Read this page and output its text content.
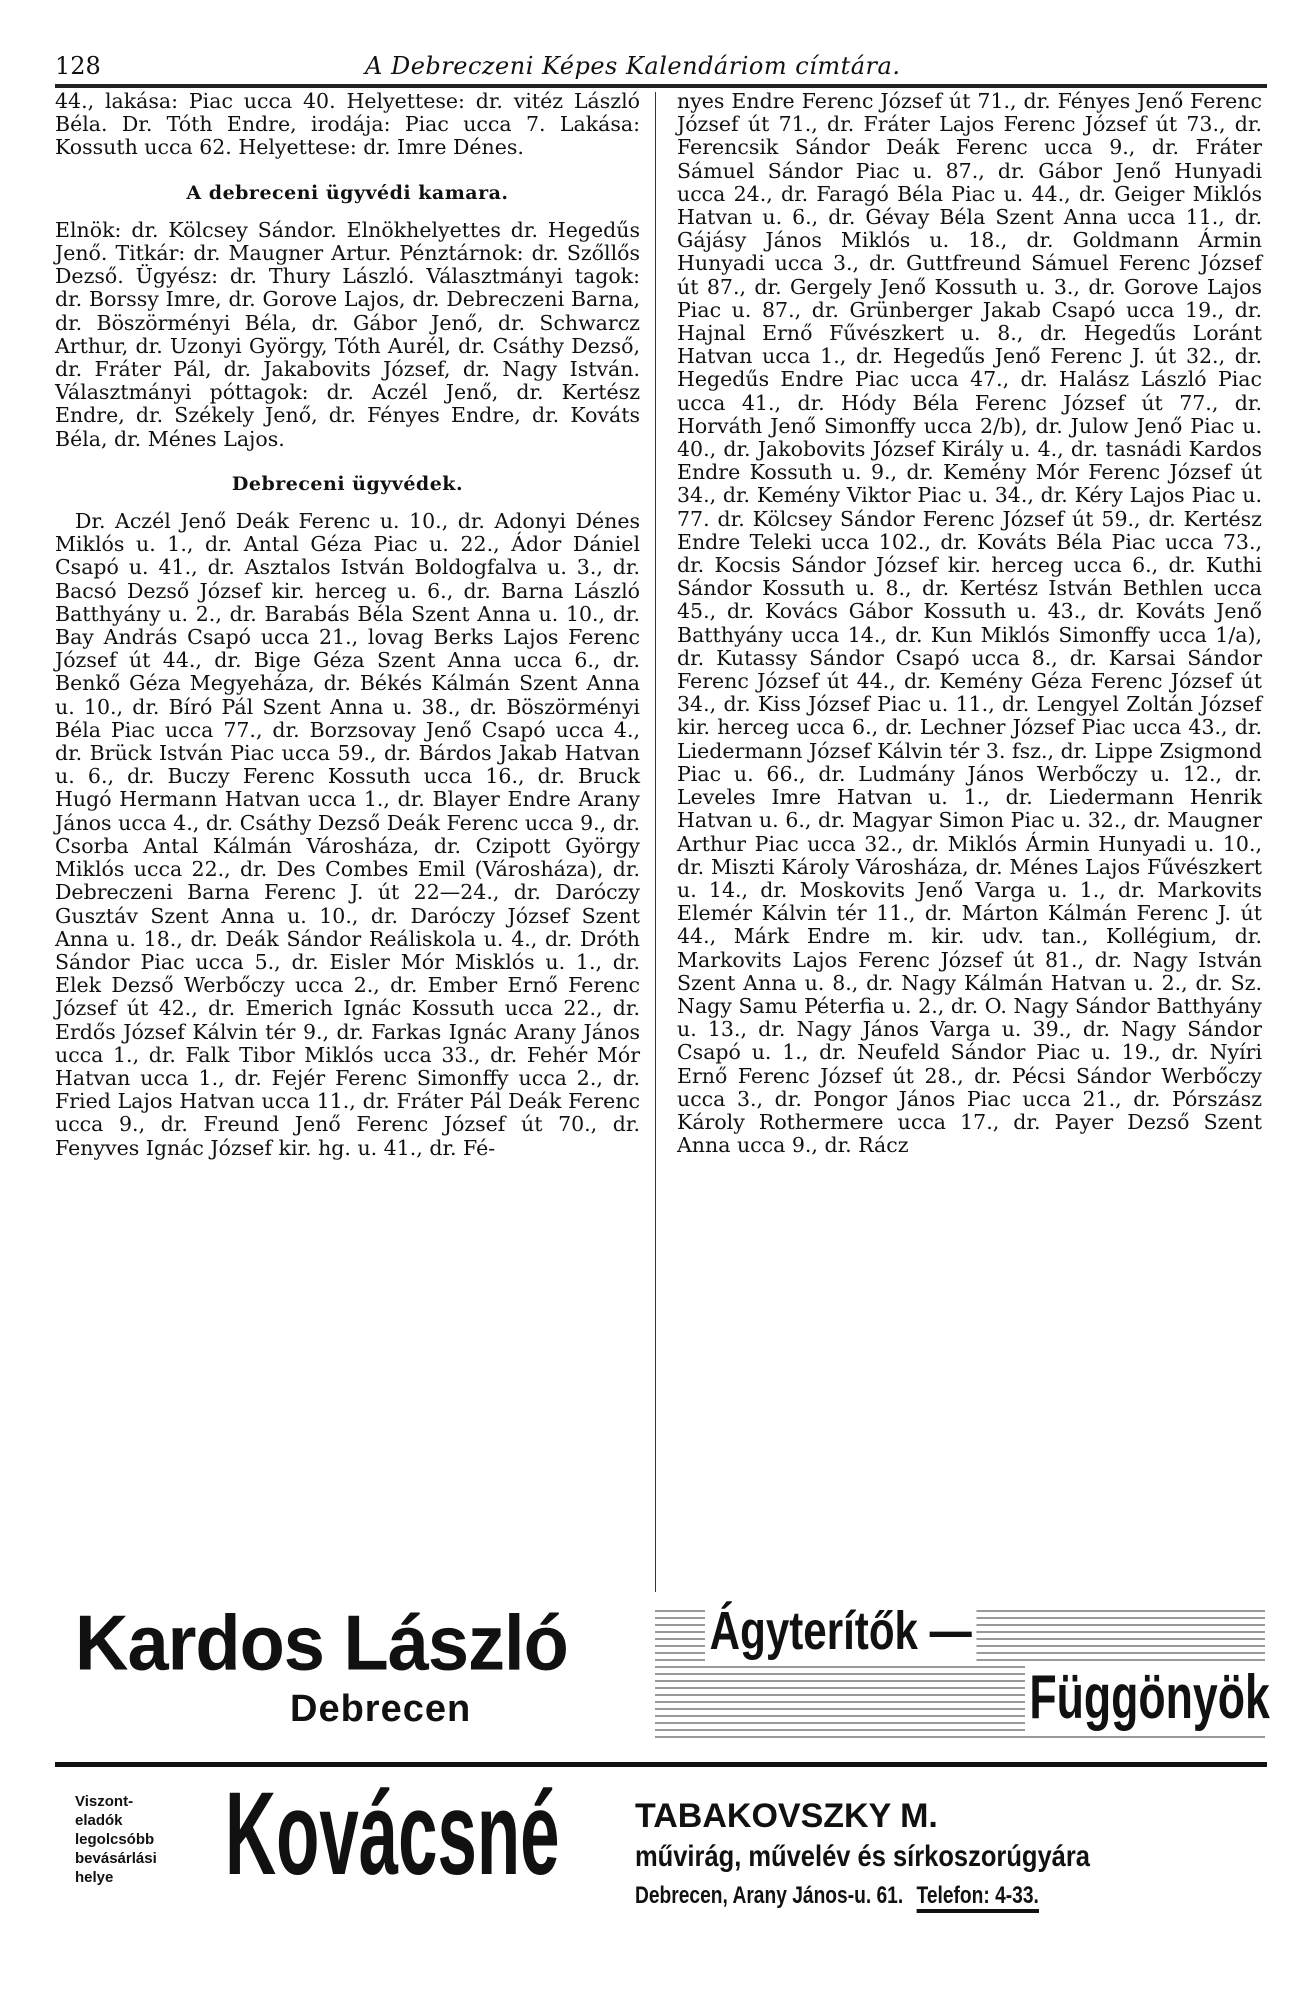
128	A Debreczeni Képes Kalendáriom címtára.

44., lakása: Piac ucca 40. Helyettese: dr. vitéz László Béla. Dr. Tóth Endre, irodája: Piac ucca 7. Lakása: Kossuth ucca 62. Helyettese: dr. Imre Dénes.

A debreceni ügyvédi kamara.

Elnök: dr. Kölcsey Sándor. Elnökhelyettes dr. Hegedűs Jenő. Titkár: dr. Maugner Artur. Pénztárnok: dr. Szőllős Dezső. Ügyész: dr. Thury László. Választmányi tagok: dr. Borssy Imre, dr. Gorove Lajos, dr. Debreczeni Barna, dr. Böszörményi Béla, dr. Gábor Jenő, dr. Schwarcz Arthur, dr. Uzonyi György, Tóth Aurél, dr. Csáthy Dezső, dr. Fráter Pál, dr. Jakabovits József, dr. Nagy István. Választmányi póttagok: dr. Aczél Jenő, dr. Kertész Endre, dr. Székely Jenő, dr. Fényes Endre, dr. Kováts Béla, dr. Ménes Lajos.

Debreceni ügyvédek.

Dr. Aczél Jenő Deák Ferenc u. 10., dr. Adonyi Dénes Miklós u. 1., dr. Antal Géza Piac u. 22., Ádor Dániel Csapó u. 41., dr. Asztalos István Boldogfalva u. 3., dr. Bacsó Dezső József kir. herceg u. 6., dr. Barna László Batthyány u. 2., dr. Barabás Béla Szent Anna u. 10., dr. Bay András Csapó ucca 21., lovag Berks Lajos Ferenc József út 44., dr. Bige Géza Szent Anna ucca 6., dr. Benkő Géza Megyeháza, dr. Békés Kálmán Szent Anna u. 10., dr. Bíró Pál Szent Anna u. 38., dr. Böszörményi Béla Piac ucca 77., dr. Borzsovay Jenő Csapó ucca 4., dr. Brück István Piac ucca 59., dr. Bárdos Jakab Hatvan u. 6., dr. Buczy Ferenc Kossuth ucca 16., dr. Bruck Hugó Hermann Hatvan ucca 1., dr. Blayer Endre Arany János ucca 4., dr. Csáthy Dezső Deák Ferenc ucca 9., dr. Csorba Antal Kálmán Városháza, dr. Czipott György Miklós ucca 22., dr. Des Combes Emil (Városháza), dr. Debreczeni Barna Ferenc J. út 22—24., dr. Daróczy Gusztáv Szent Anna u. 10., dr. Daróczy József Szent Anna u. 18., dr. Deák Sándor Reáliskola u. 4., dr. Dróth Sándor Piac ucca 5., dr. Eisler Mór Misklós u. 1., dr. Elek Dezső Werbőczy ucca 2., dr. Ember Ernő Ferenc József út 42., dr. Emerich Ignác Kossuth ucca 22., dr. Erdős József Kálvin tér 9., dr. Farkas Ignác Arany János ucca 1., dr. Falk Tibor Miklós ucca 33., dr. Fehér Mór Hatvan ucca 1., dr. Fejér Ferenc Simonffy ucca 2., dr. Fried Lajos Hatvan ucca 11., dr. Fráter Pál Deák Ferenc ucca 9., dr. Freund Jenő Ferenc József út 70., dr. Fenyves Ignác József kir. hg. u. 41., dr. Fé-

nyes Endre Ferenc József út 71., dr. Fényes Jenő Ferenc József út 71., dr. Fráter Lajos Ferenc József út 73., dr. Ferencsik Sándor Deák Ferenc ucca 9., dr. Fráter Sámuel Sándor Piac u. 87., dr. Gábor Jenő Hunyadi ucca 24., dr. Faragó Béla Piac u. 44., dr. Geiger Miklós Hatvan u. 6., dr. Gévay Béla Szent Anna ucca 11., dr. Gájásy János Miklós u. 18., dr. Goldmann Ármin Hunyadi ucca 3., dr. Guttfreund Sámuel Ferenc József út 87., dr. Gergely Jenő Kossuth u. 3., dr. Gorove Lajos Piac u. 87., dr. Grünberger Jakab Csapó ucca 19., dr. Hajnal Ernő Fűvészkert u. 8., dr. Hegedűs Loránt Hatvan ucca 1., dr. Hegedűs Jenő Ferenc J. út 32., dr. Hegedűs Endre Piac ucca 47., dr. Halász László Piac ucca 41., dr. Hódy Béla Ferenc József út 77., dr. Horváth Jenő Simonffy ucca 2/b), dr. Julow Jenő Piac u. 40., dr. Jakobovits József Király u. 4., dr. tasnádi Kardos Endre Kossuth u. 9., dr. Kemény Mór Ferenc József út 34., dr. Kemény Viktor Piac u. 34., dr. Kéry Lajos Piac u. 77. dr. Kölcsey Sándor Ferenc József út 59., dr. Kertész Endre Teleki ucca 102., dr. Kováts Béla Piac ucca 73., dr. Kocsis Sándor József kir. herceg ucca 6., dr. Kuthi Sándor Kossuth u. 8., dr. Kertész István Bethlen ucca 45., dr. Kovács Gábor Kossuth u. 43., dr. Kováts Jenő Batthyány ucca 14., dr. Kun Miklós Simonffy ucca 1/a), dr. Kutassy Sándor Csapó ucca 8., dr. Karsai Sándor Ferenc József út 44., dr. Kemény Géza Ferenc József út 34., dr. Kiss József Piac u. 11., dr. Lengyel Zoltán József kir. herceg ucca 6., dr. Lechner József Piac ucca 43., dr. Liedermann József Kálvin tér 3. fsz., dr. Lippe Zsigmond Piac u. 66., dr. Ludmány János Werbőczy u. 12., dr. Leveles Imre Hatvan u. 1., dr. Liedermann Henrik Hatvan u. 6., dr. Magyar Simon Piac u. 32., dr. Maugner Arthur Piac ucca 32., dr. Miklós Ármin Hunyadi u. 10., dr. Miszti Károly Városháza, dr. Ménes Lajos Fűvészkert u. 14., dr. Moskovits Jenő Varga u. 1., dr. Markovits Elemér Kálvin tér 11., dr. Márton Kálmán Ferenc J. út 44., Márk Endre m. kir. udv. tan., Kollégium, dr. Markovits Lajos Ferenc József út 81., dr. Nagy István Szent Anna u. 8., dr. Nagy Kálmán Hatvan u. 2., dr. Sz. Nagy Samu Péterfia u. 2., dr. O. Nagy Sándor Batthyány u. 13., dr. Nagy János Varga u. 39., dr. Nagy Sándor Csapó u. 1., dr. Neufeld Sándor Piac u. 19., dr. Nyíri Ernő Ferenc József út 28., dr. Pécsi Sándor Werbőczy ucca 3., dr. Pongor János Piac ucca 21., dr. Pórszász Károly Rothermere ucca 17., dr. Payer Dezső Szent Anna ucca 9., dr. Rácz

Kardos László
Debrecen
Ágyterítők —
Függönyök
Viszont-
eladók
legolcsóbb
bevásárlási
helye Kovácsné TABAKOVSZKY M.
művirág, művelév és sírkoszorúgyára
Debrecen, Arany János-u. 61. Telefon: 4-33.
